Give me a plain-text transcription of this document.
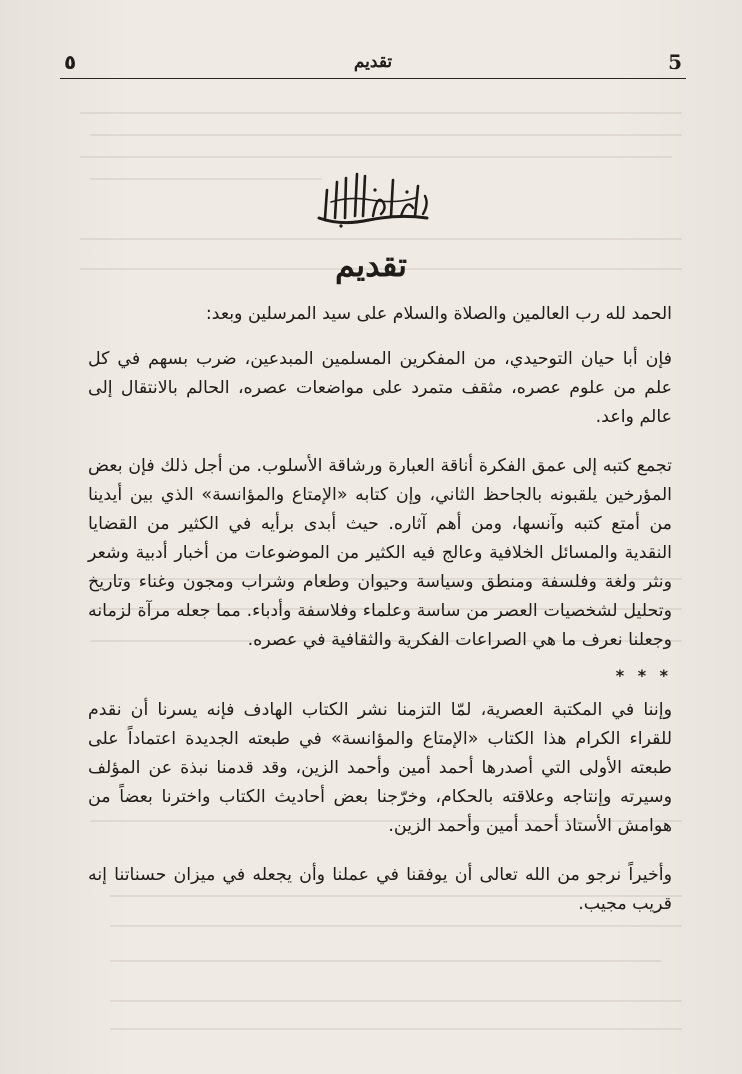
٥	تقديم	5
تقديم

الحمد لله رب العالمين والصلاة والسلام على سيد المرسلين وبعد:

فإن أبا حيان التوحيدي، من المفكرين المسلمين المبدعين، ضرب بسهم في كل علم من علوم عصره، مثقف متمرد على مواضعات عصره، الحالم بالانتقال إلى عالم واعد.

تجمع كتبه إلى عمق الفكرة أناقة العبارة ورشاقة الأسلوب. من أجل ذلك فإن بعض المؤرخين يلقبونه بالجاحظ الثاني، وإن كتابه «الإمتاع والمؤانسة» الذي بين أيدينا من أمتع كتبه وآنسها، ومن أهم آثاره. حيث أبدى برأيه في الكثير من القضايا النقدية والمسائل الخلافية وعالج فيه الكثير من الموضوعات من أخبار أدبية وشعر ونثر ولغة وفلسفة ومنطق وسياسة وحيوان وطعام وشراب ومجون وغناء وتاريخ وتحليل لشخصيات العصر من ساسة وعلماء وفلاسفة وأدباء. مما جعله مرآة لزمانه وجعلنا نعرف ما هي الصراعات الفكرية والثقافية في عصره.

* * *

وإننا في المكتبة العصرية، لمّا التزمنا نشر الكتاب الهادف فإنه يسرنا أن نقدم للقراء الكرام هذا الكتاب «الإمتاع والمؤانسة» في طبعته الجديدة اعتماداً على طبعته الأولى التي أصدرها أحمد أمين وأحمد الزين، وقد قدمنا نبذة عن المؤلف وسيرته وإنتاجه وعلاقته بالحكام، وخرّجنا بعض أحاديث الكتاب واخترنا بعضاً من هوامش الأستاذ أحمد أمين وأحمد الزين.

وأخيراً نرجو من الله تعالى أن يوفقنا في عملنا وأن يجعله في ميزان حسناتنا إنه قريب مجيب.
